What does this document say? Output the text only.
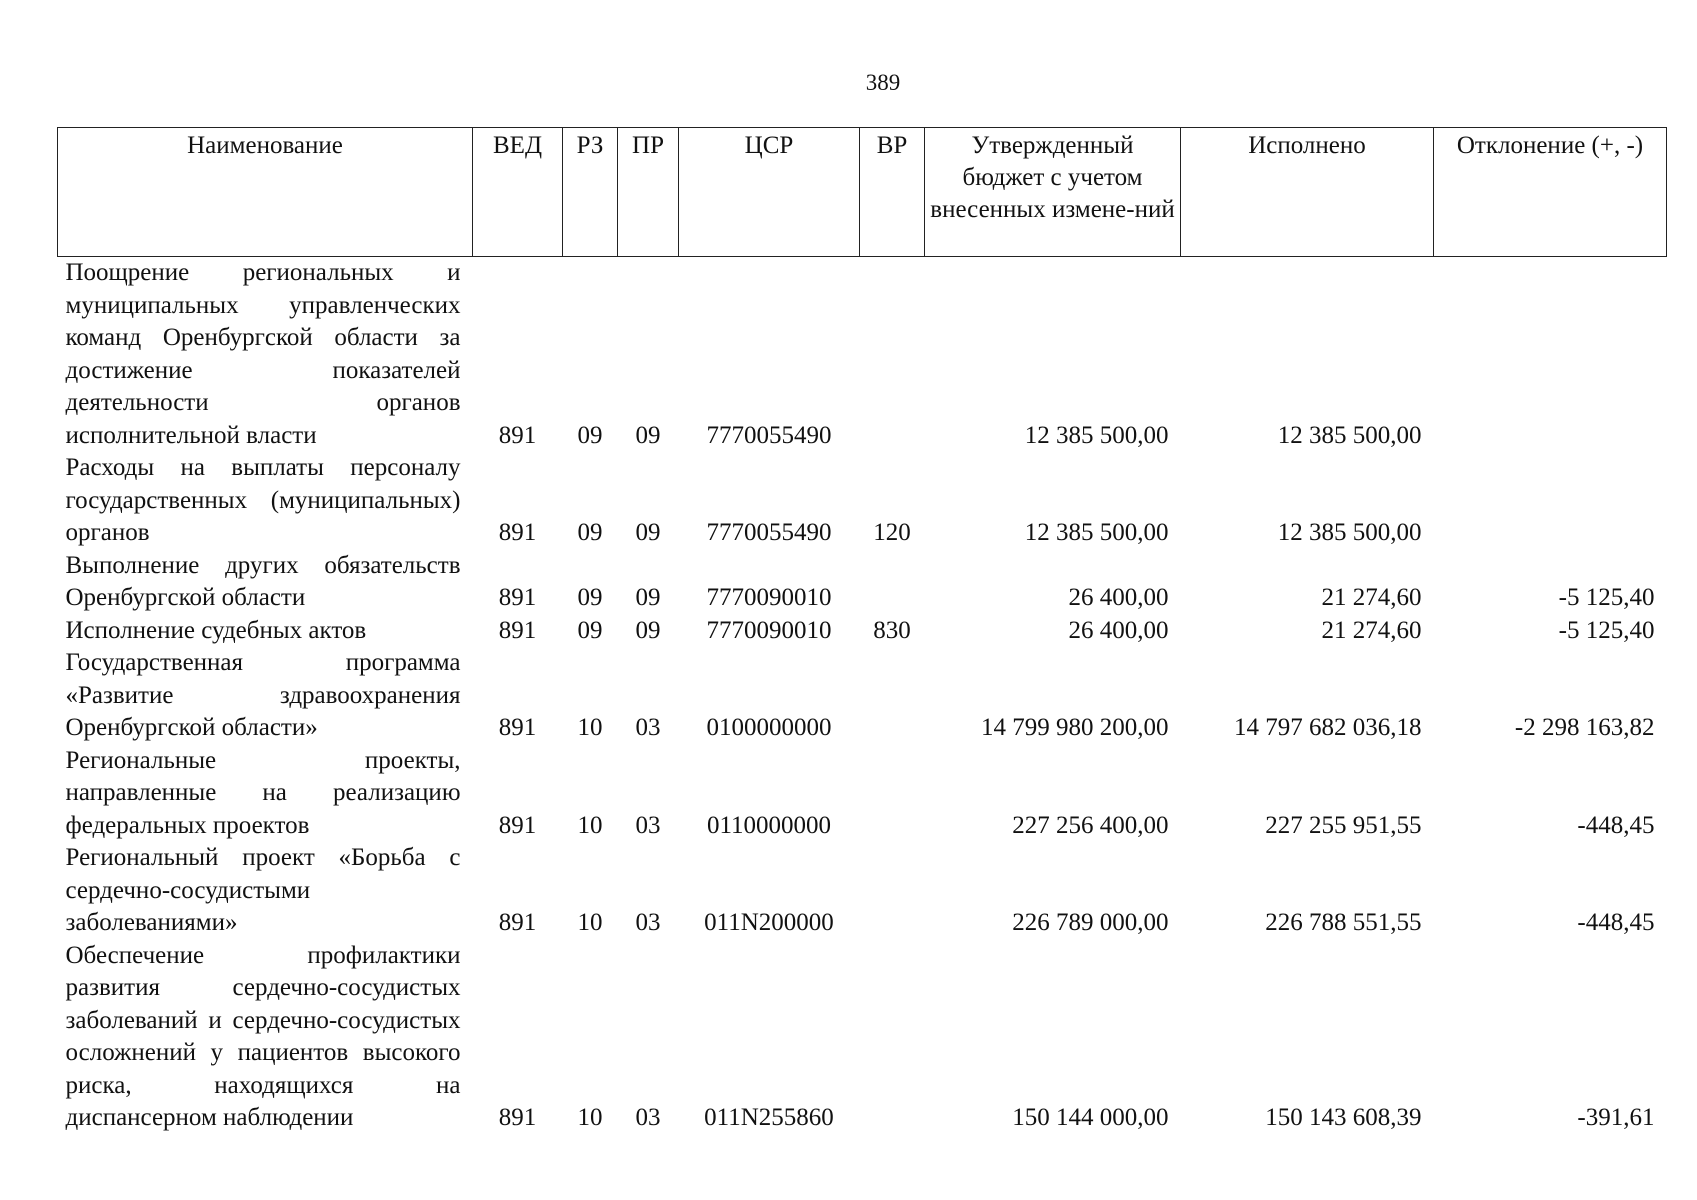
389
Наименование	ВЕД	РЗ	ПР	ЦСР	ВР	Утвержденный бюджет с учетом внесенных измене-ний	Исполнено	Отклонение (+, -)
Поощрение региональных и муниципальных управленческих команд Оренбургской области за достижение показателей деятельности органов исполнительной власти	891	09	09	7770055490		12 385 500,00	12 385 500,00	
Расходы на выплаты персоналу государственных (муниципальных) органов	891	09	09	7770055490	120	12 385 500,00	12 385 500,00	
Выполнение других обязательств Оренбургской области	891	09	09	7770090010		26 400,00	21 274,60	-5 125,40
Исполнение судебных актов	891	09	09	7770090010	830	26 400,00	21 274,60	-5 125,40
Государственная программа «Развитие здравоохранения Оренбургской области»	891	10	03	0100000000		14 799 980 200,00	14 797 682 036,18	-2 298 163,82
Региональные проекты, направленные на реализацию федеральных проектов	891	10	03	0110000000		227 256 400,00	227 255 951,55	-448,45
Региональный проект «Борьба с сердечно-сосудистыми заболеваниями»	891	10	03	011N200000		226 789 000,00	226 788 551,55	-448,45
Обеспечение профилактики развития сердечно-сосудистых заболеваний и сердечно-сосудистых осложнений у пациентов высокого риска, находящихся на диспансерном наблюдении	891	10	03	011N255860		150 144 000,00	150 143 608,39	-391,61
